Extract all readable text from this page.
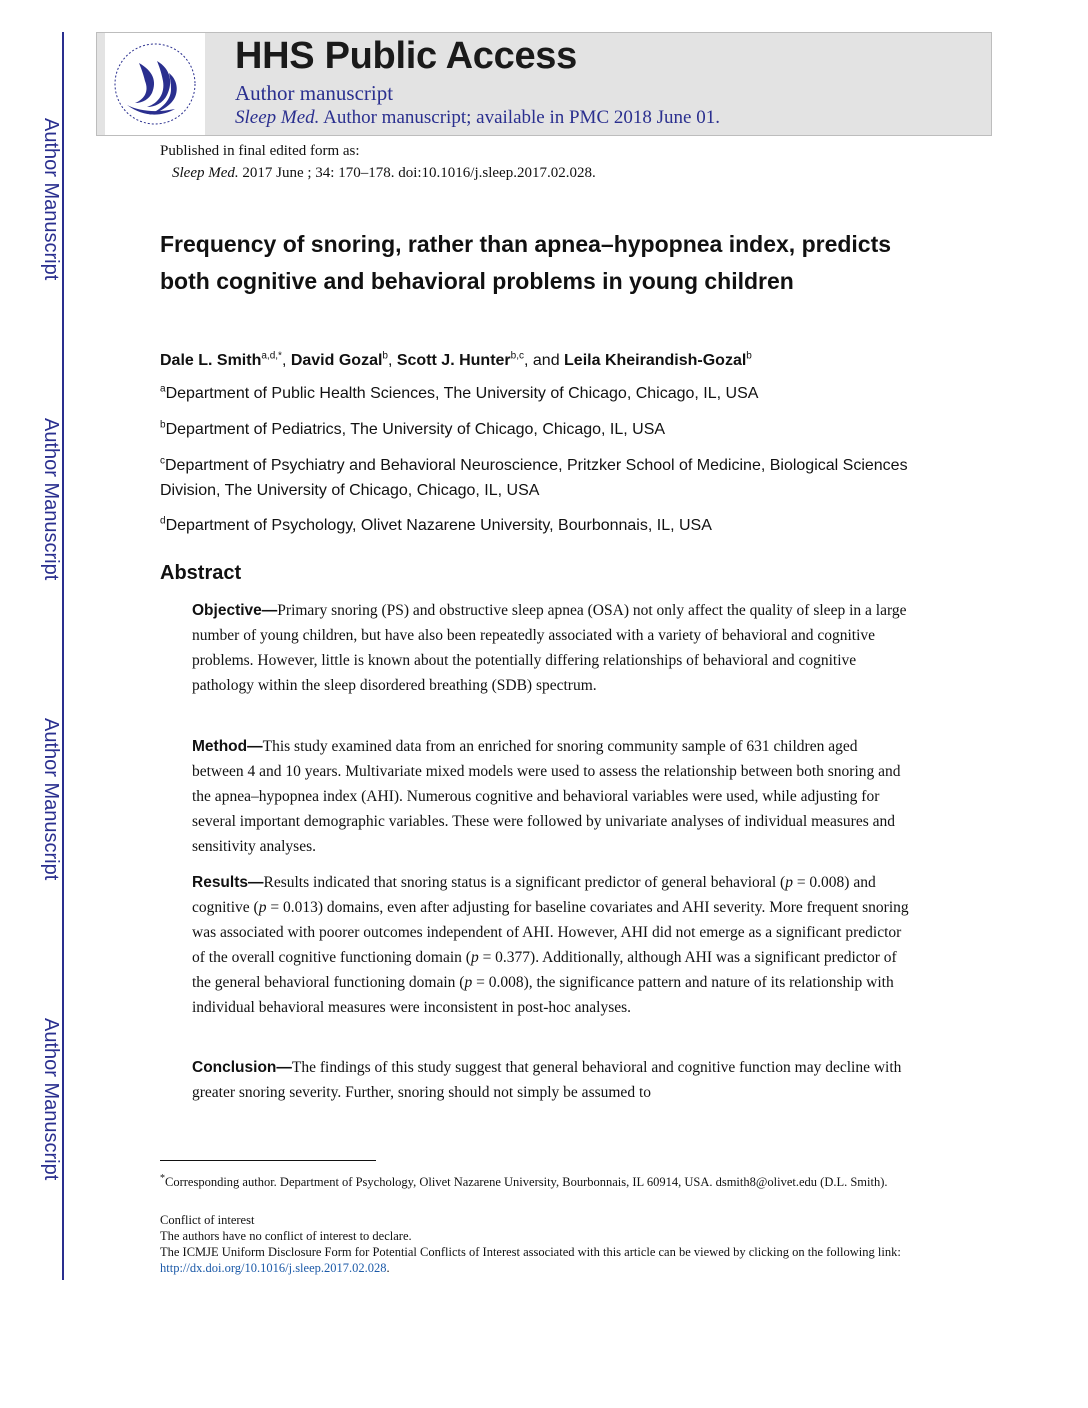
Author Manuscript
Author Manuscript
Author Manuscript
Author Manuscript
HHS Public Access
Author manuscript
Sleep Med. Author manuscript; available in PMC 2018 June 01.
Published in final edited form as:
Sleep Med. 2017 June ; 34: 170–178. doi:10.1016/j.sleep.2017.02.028.
Frequency of snoring, rather than apnea–hypopnea index, predicts both cognitive and behavioral problems in young children
Dale L. Smith$^{a,d,*}$, David Gozal$^b$, Scott J. Hunter$^{b,c}$, and Leila Kheirandish-Gozal$^b$
$^a$Department of Public Health Sciences, The University of Chicago, Chicago, IL, USA
$^b$Department of Pediatrics, The University of Chicago, Chicago, IL, USA
$^c$Department of Psychiatry and Behavioral Neuroscience, Pritzker School of Medicine, Biological Sciences Division, The University of Chicago, Chicago, IL, USA
$^d$Department of Psychology, Olivet Nazarene University, Bourbonnais, IL, USA
Abstract
Objective—Primary snoring (PS) and obstructive sleep apnea (OSA) not only affect the quality of sleep in a large number of young children, but have also been repeatedly associated with a variety of behavioral and cognitive problems. However, little is known about the potentially differing relationships of behavioral and cognitive pathology within the sleep disordered breathing (SDB) spectrum.
Method—This study examined data from an enriched for snoring community sample of 631 children aged between 4 and 10 years. Multivariate mixed models were used to assess the relationship between both snoring and the apnea–hypopnea index (AHI). Numerous cognitive and behavioral variables were used, while adjusting for several important demographic variables. These were followed by univariate analyses of individual measures and sensitivity analyses.
Results—Results indicated that snoring status is a significant predictor of general behavioral (p = 0.008) and cognitive (p = 0.013) domains, even after adjusting for baseline covariates and AHI severity. More frequent snoring was associated with poorer outcomes independent of AHI. However, AHI did not emerge as a significant predictor of the overall cognitive functioning domain (p = 0.377). Additionally, although AHI was a significant predictor of the general behavioral functioning domain (p = 0.008), the significance pattern and nature of its relationship with individual behavioral measures were inconsistent in post-hoc analyses.
Conclusion—The findings of this study suggest that general behavioral and cognitive function may decline with greater snoring severity. Further, snoring should not simply be assumed to
*Corresponding author. Department of Psychology, Olivet Nazarene University, Bourbonnais, IL 60914, USA. dsmith8@olivet.edu (D.L. Smith).
Conflict of interest
The authors have no conflict of interest to declare.
The ICMJE Uniform Disclosure Form for Potential Conflicts of Interest associated with this article can be viewed by clicking on the following link: http://dx.doi.org/10.1016/j.sleep.2017.02.028.
